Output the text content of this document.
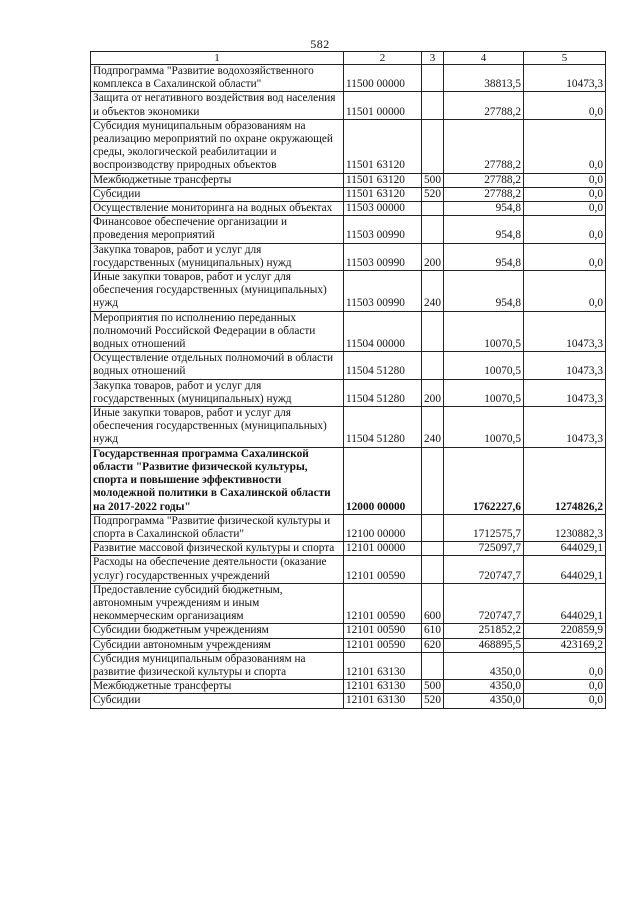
582
1	2	3	4	5
Подпрограмма "Развитие водохозяйственного комплекса в Сахалинской области"	11500 00000		38813,5	10473,3
Защита от негативного воздействия вод населения и объектов экономики	11501 00000		27788,2	0,0
Субсидия муниципальным образованиям на реализацию мероприятий по охране окружающей среды, экологической реабилитации и воспроизводству природных объектов	11501 63120		27788,2	0,0
Межбюджетные трансферты	11501 63120	500	27788,2	0,0
Субсидии	11501 63120	520	27788,2	0,0
Осуществление мониторинга на водных объектах	11503 00000		954,8	0,0
Финансовое обеспечение организации и проведения мероприятий	11503 00990		954,8	0,0
Закупка товаров, работ и услуг для государственных (муниципальных) нужд	11503 00990	200	954,8	0,0
Иные закупки товаров, работ и услуг для обеспечения государственных (муниципальных) нужд	11503 00990	240	954,8	0,0
Мероприятия по исполнению переданных полномочий Российской Федерации в области водных отношений	11504 00000		10070,5	10473,3
Осуществление отдельных полномочий в области водных отношений	11504 51280		10070,5	10473,3
Закупка товаров, работ и услуг для государственных (муниципальных) нужд	11504 51280	200	10070,5	10473,3
Иные закупки товаров, работ и услуг для обеспечения государственных (муниципальных) нужд	11504 51280	240	10070,5	10473,3
Государственная программа Сахалинской области "Развитие физической культуры, спорта и повышение эффективности молодежной политики в Сахалинской области на 2017-2022 годы"	12000 00000		1762227,6	1274826,2
Подпрограмма "Развитие физической культуры и спорта в Сахалинской области"	12100 00000		1712575,7	1230882,3
Развитие массовой физической культуры и спорта	12101 00000		725097,7	644029,1
Расходы на обеспечение деятельности (оказание услуг) государственных учреждений	12101 00590		720747,7	644029,1
Предоставление субсидий бюджетным, автономным учреждениям и иным некоммерческим организациям	12101 00590	600	720747,7	644029,1
Субсидии бюджетным учреждениям	12101 00590	610	251852,2	220859,9
Субсидии автономным учреждениям	12101 00590	620	468895,5	423169,2
Субсидия муниципальным образованиям на развитие физической культуры и спорта	12101 63130		4350,0	0,0
Межбюджетные трансферты	12101 63130	500	4350,0	0,0
Субсидии	12101 63130	520	4350,0	0,0
